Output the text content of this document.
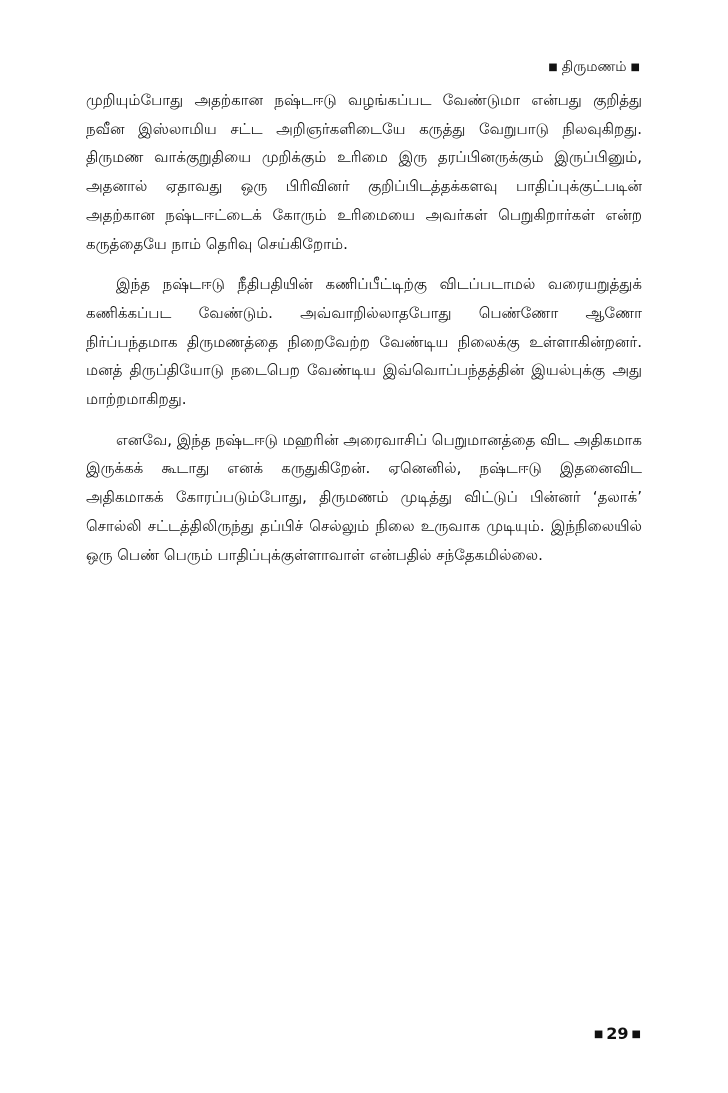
■ திருமணம் ■

முறியும்போது அதற்கான நஷ்டஈடு வழங்கப்பட வேண்டுமா என்பது குறித்து நவீன இஸ்லாமிய சட்ட அறிஞர்களிடையே கருத்து வேறுபாடு நிலவுகிறது. திருமண வாக்குறுதியை முறிக்கும் உரிமை இரு தரப்பினருக்கும் இருப்பினும், அதனால் ஏதாவது ஒரு பிரிவினர் குறிப்பிடத்தக்களவு பாதிப்புக்குட்படின் அதற்கான நஷ்டஈட்டைக் கோரும் உரிமையை அவர்கள் பெறுகிறார்கள் என்ற கருத்தையே நாம் தெரிவு செய்கிறோம்.

இந்த நஷ்டஈடு நீதிபதியின் கணிப்பீட்டிற்கு விடப்படாமல் வரையறுத்துக் கணிக்கப்பட வேண்டும். அவ்வாறில்லாதபோது பெண்ணோ ஆணோ நிர்ப்பந்தமாக திருமணத்தை நிறைவேற்ற வேண்டிய நிலைக்கு உள்ளாகின்றனர். மனத் திருப்தியோடு நடைபெற வேண்டிய இவ்வொப்பந்தத்தின் இயல்புக்கு அது மாற்றமாகிறது.

எனவே, இந்த நஷ்டஈடு மஹரின் அரைவாசிப் பெறுமானத்தை விட அதிகமாக இருக்கக் கூடாது எனக் கருதுகிறேன். ஏனெனில், நஷ்டஈடு இதனைவிட அதிகமாகக் கோரப்படும்போது, திருமணம் முடித்து விட்டுப் பின்னர் ‘தலாக்’ சொல்லி சட்டத்திலிருந்து தப்பிச் செல்லும் நிலை உருவாக முடியும். இந்நிலையில் ஒரு பெண் பெரும் பாதிப்புக்குள்ளாவாள் என்பதில் சந்தேகமில்லை.

■ 29 ■
